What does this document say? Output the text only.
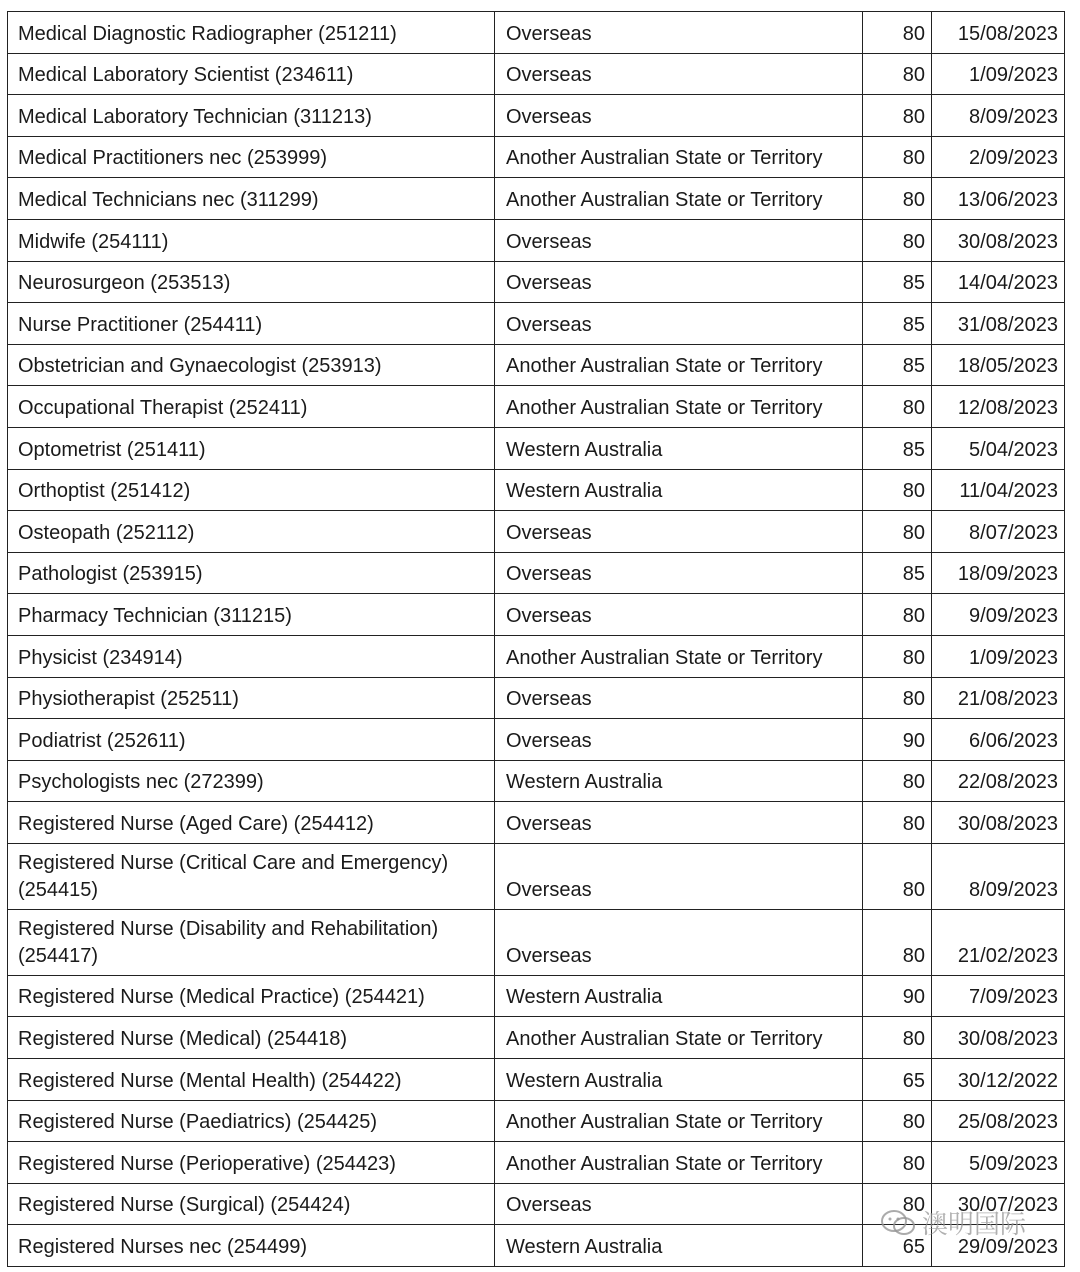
Medical Diagnostic Radiographer (251211)	Overseas	80	15/08/2023
Medical Laboratory Scientist (234611)	Overseas	80	1/09/2023
Medical Laboratory Technician (311213)	Overseas	80	8/09/2023
Medical Practitioners nec (253999)	Another Australian State or Territory	80	2/09/2023
Medical Technicians nec (311299)	Another Australian State or Territory	80	13/06/2023
Midwife (254111)	Overseas	80	30/08/2023
Neurosurgeon (253513)	Overseas	85	14/04/2023
Nurse Practitioner (254411)	Overseas	85	31/08/2023
Obstetrician and Gynaecologist (253913)	Another Australian State or Territory	85	18/05/2023
Occupational Therapist (252411)	Another Australian State or Territory	80	12/08/2023
Optometrist (251411)	Western Australia	85	5/04/2023
Orthoptist (251412)	Western Australia	80	11/04/2023
Osteopath (252112)	Overseas	80	8/07/2023
Pathologist (253915)	Overseas	85	18/09/2023
Pharmacy Technician (311215)	Overseas	80	9/09/2023
Physicist (234914)	Another Australian State or Territory	80	1/09/2023
Physiotherapist (252511)	Overseas	80	21/08/2023
Podiatrist (252611)	Overseas	90	6/06/2023
Psychologists nec (272399)	Western Australia	80	22/08/2023
Registered Nurse (Aged Care) (254412)	Overseas	80	30/08/2023
Registered Nurse (Critical Care and Emergency) (254415)	Overseas	80	8/09/2023
Registered Nurse (Disability and Rehabilitation) (254417)	Overseas	80	21/02/2023
Registered Nurse (Medical Practice) (254421)	Western Australia	90	7/09/2023
Registered Nurse (Medical) (254418)	Another Australian State or Territory	80	30/08/2023
Registered Nurse (Mental Health) (254422)	Western Australia	65	30/12/2022
Registered Nurse (Paediatrics) (254425)	Another Australian State or Territory	80	25/08/2023
Registered Nurse (Perioperative) (254423)	Another Australian State or Territory	80	5/09/2023
Registered Nurse (Surgical) (254424)	Overseas	80	30/07/2023
Registered Nurses nec (254499)	Western Australia	65	29/09/2023
澳明国际
